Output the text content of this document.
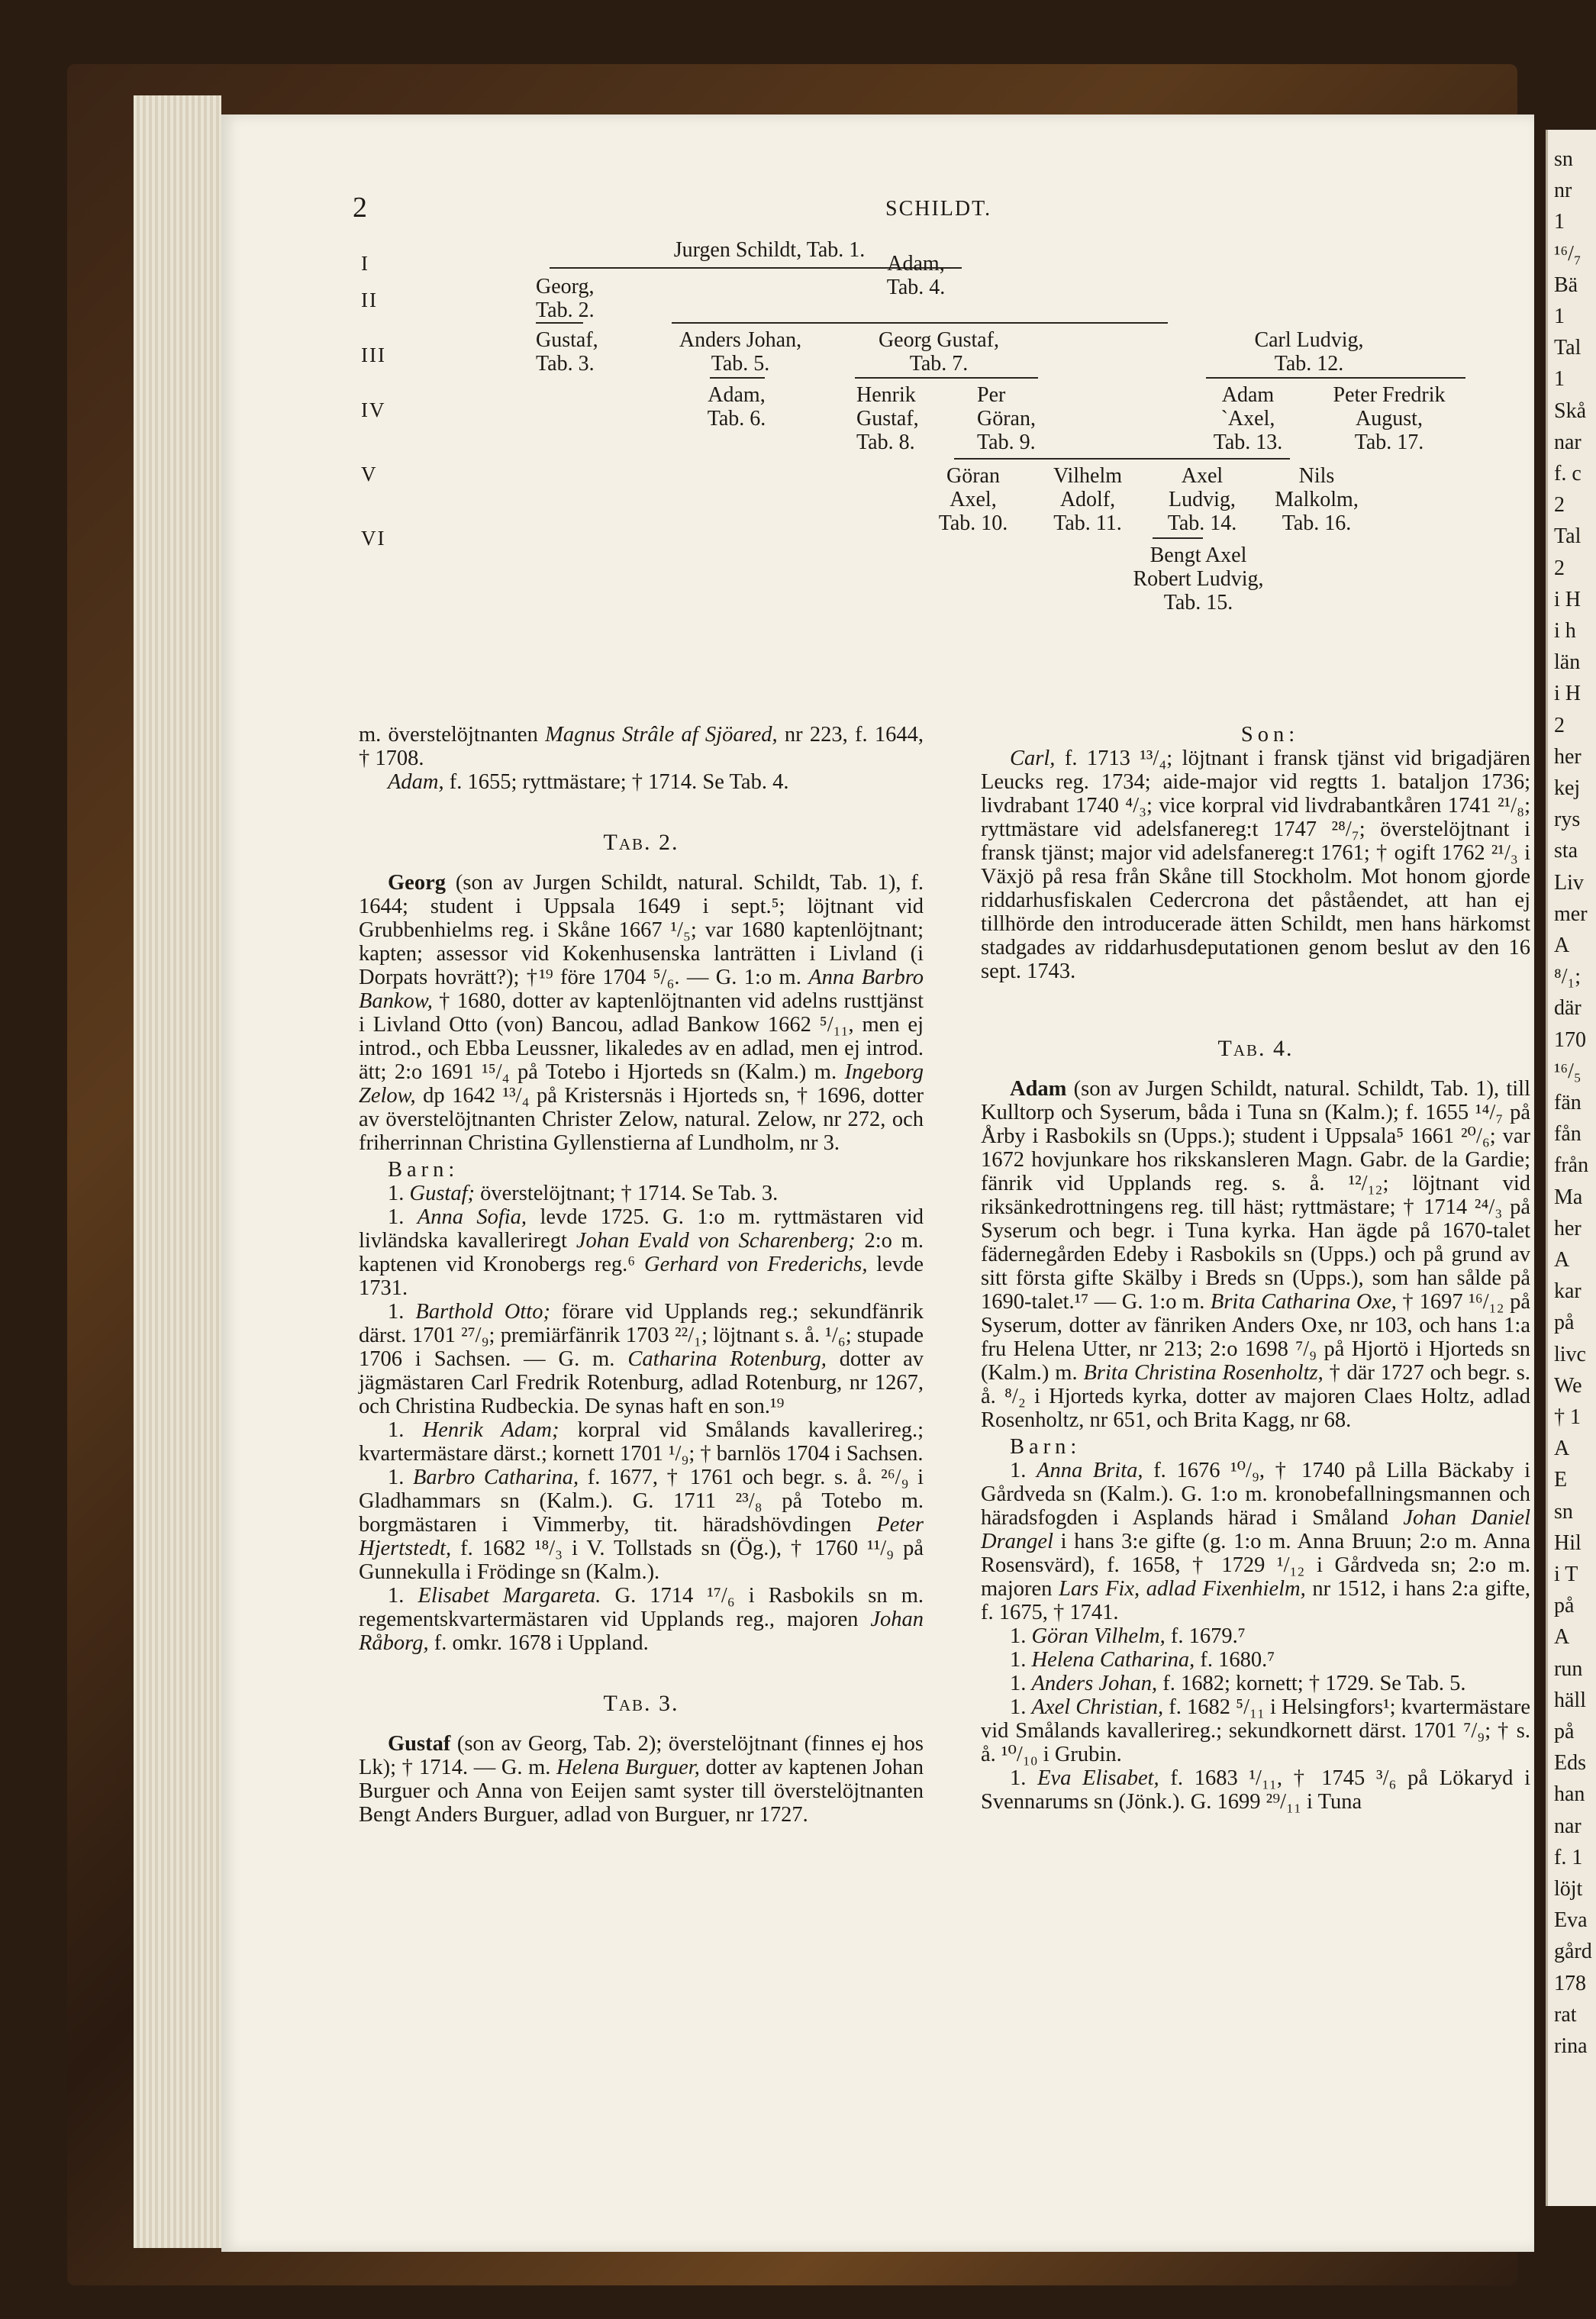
sn
nr
1
¹⁶/₇
Bä
1
Tal
1
Skå
nar
f. c
2
Tal
2
i H
i h
län
i H
2
her
kej
rys
sta
Liv
mer
A
⁸/₁;
där
170
¹⁶/₅
fän
fån
från
Ma
her
A
kar
på
livc
We
† 1
A
E
sn
Hil
i T
på
A
run
häll
på
Eds
han
nar
f. 1
löjt
Eva
gård
178
rat
rina
2	SCHILDT.
I
II
III
IV
V
VI
Jurgen Schildt, Tab. 1.
Georg,
Tab. 2.
Adam,
Tab. 4.
Gustaf,
Tab. 3.
Anders Johan,
Tab. 5.
Georg Gustaf,
Tab. 7.
Carl Ludvig,
Tab. 12.
Adam,
Tab. 6.
Henrik
Gustaf,
Tab. 8.
Per
Göran,
Tab. 9.
Adam
`Axel,
Tab. 13.
Peter Fredrik
August,
Tab. 17.
Göran
Axel,
Tab. 10.
Vilhelm
Adolf,
Tab. 11.
Axel
Ludvig,
Tab. 14.
Nils
Malkolm,
Tab. 16.
Bengt Axel
Robert Ludvig,
Tab. 15.

m. överstelöjtnanten Magnus Strâle af Sjöared, nr 223, f. 1644, † 1708.

Adam, f. 1655; ryttmästare; † 1714. Se Tab. 4.

Tab. 2.

Georg (son av Jurgen Schildt, natural. Schildt, Tab. 1), f. 1644; student i Uppsala 1649 i sept.⁵; löjtnant vid Grubbenhielms reg. i Skåne 1667 ¹/₅; var 1680 kaptenlöjtnant; kapten; assessor vid Kokenhusenska lanträtten i Livland (i Dorpats hovrätt?); †¹⁹ före 1704 ⁵/₆. — G. 1:o m. Anna Barbro Bankow, † 1680, dotter av kaptenlöjtnanten vid adelns rusttjänst i Livland Otto (von) Bancou, adlad Bankow 1662 ⁵/₁₁, men ej introd., och Ebba Leussner, likaledes av en adlad, men ej introd. ätt; 2:o 1691 ¹⁵/₄ på Totebo i Hjorteds sn (Kalm.) m. Ingeborg Zelow, dp 1642 ¹³/₄ på Kristersnäs i Hjorteds sn, † 1696, dotter av överstelöjtnanten Christer Zelow, natural. Zelow, nr 272, och friherrinnan Christina Gyllenstierna af Lundholm, nr 3.

Barn:

1. Gustaf; överstelöjtnant; † 1714. Se Tab. 3.

1. Anna Sofia, levde 1725. G. 1:o m. ryttmästaren vid livländska kavalleriregt Johan Evald von Scharenberg; 2:o m. kaptenen vid Kronobergs reg.⁶ Gerhard von Frederichs, levde 1731.

1. Barthold Otto; förare vid Upplands reg.; sekundfänrik därst. 1701 ²⁷/₉; premiärfänrik 1703 ²²/₁; löjtnant s. å. ¹/₆; stupade 1706 i Sachsen. — G. m. Catharina Rotenburg, dotter av jägmästaren Carl Fredrik Rotenburg, adlad Rotenburg, nr 1267, och Christina Rudbeckia. De synas haft en son.¹⁹

1. Henrik Adam; korpral vid Smålands kavallerireg.; kvartermästare därst.; kornett 1701 ¹/₉; † barnlös 1704 i Sachsen.

1. Barbro Catharina, f. 1677, † 1761 och begr. s. å. ²⁶/₉ i Gladhammars sn (Kalm.). G. 1711 ²³/₈ på Totebo m. borgmästaren i Vimmerby, tit. häradshövdingen Peter Hjertstedt, f. 1682 ¹⁸/₃ i V. Tollstads sn (Ög.), † 1760 ¹¹/₉ på Gunnekulla i Frödinge sn (Kalm.).

1. Elisabet Margareta. G. 1714 ¹⁷/₆ i Rasbokils sn m. regementskvartermästaren vid Upplands reg., majoren Johan Råborg, f. omkr. 1678 i Uppland.

Tab. 3.

Gustaf (son av Georg, Tab. 2); överstelöjtnant (finnes ej hos Lk); † 1714. — G. m. Helena Burguer, dotter av kaptenen Johan Burguer och Anna von Eeijen samt syster till överstelöjtnanten Bengt Anders Burguer, adlad von Burguer, nr 1727.

Son:

Carl, f. 1713 ¹³/₄; löjtnant i fransk tjänst vid brigadjären Leucks reg. 1734; aide-major vid regtts 1. bataljon 1736; livdrabant 1740 ⁴/₃; vice korpral vid livdrabantkåren 1741 ²¹/₈; ryttmästare vid adelsfanereg:t 1747 ²⁸/₇; överstelöjtnant i fransk tjänst; major vid adelsfanereg:t 1761; † ogift 1762 ²¹/₃ i Växjö på resa från Skåne till Stockholm. Mot honom gjorde riddarhusfiskalen Cedercrona det påståendet, att han ej tillhörde den introducerade ätten Schildt, men hans härkomst stadgades av riddarhusdeputationen genom beslut av den 16 sept. 1743.

Tab. 4.

Adam (son av Jurgen Schildt, natural. Schildt, Tab. 1), till Kulltorp och Syserum, båda i Tuna sn (Kalm.); f. 1655 ¹⁴/₇ på Årby i Rasbokils sn (Upps.); student i Uppsala⁵ 1661 ²⁰/₆; var 1672 hovjunkare hos rikskansleren Magn. Gabr. de la Gardie; fänrik vid Upplands reg. s. å. ¹²/₁₂; löjtnant vid riksänkedrottningens reg. till häst; ryttmästare; † 1714 ²⁴/₃ på Syserum och begr. i Tuna kyrka. Han ägde på 1670-talet fädernegården Edeby i Rasbokils sn (Upps.) och på grund av sitt första gifte Skälby i Breds sn (Upps.), som han sålde på 1690-talet.¹⁷ — G. 1:o m. Brita Catharina Oxe, † 1697 ¹⁶/₁₂ på Syserum, dotter av fänriken Anders Oxe, nr 103, och hans 1:a fru Helena Utter, nr 213; 2:o 1698 ⁷/₉ på Hjortö i Hjorteds sn (Kalm.) m. Brita Christina Rosenholtz, † där 1727 och begr. s. å. ⁸/₂ i Hjorteds kyrka, dotter av majoren Claes Holtz, adlad Rosenholtz, nr 651, och Brita Kagg, nr 68.

Barn:

1. Anna Brita, f. 1676 ¹⁰/₉, † 1740 på Lilla Bäckaby i Gårdveda sn (Kalm.). G. 1:o m. kronobefallningsmannen och häradsfogden i Asplands härad i Småland Johan Daniel Drangel i hans 3:e gifte (g. 1:o m. Anna Bruun; 2:o m. Anna Rosensvärd), f. 1658, † 1729 ¹/₁₂ i Gårdveda sn; 2:o m. majoren Lars Fix, adlad Fixenhielm, nr 1512, i hans 2:a gifte, f. 1675, † 1741.

1. Göran Vilhelm, f. 1679.⁷

1. Helena Catharina, f. 1680.⁷

1. Anders Johan, f. 1682; kornett; † 1729. Se Tab. 5.

1. Axel Christian, f. 1682 ⁵/₁₁ i Helsingfors¹; kvartermästare vid Smålands kavallerireg.; sekundkornett därst. 1701 ⁷/₉; † s. å. ¹⁰/₁₀ i Grubin.

1. Eva Elisabet, f. 1683 ¹/₁₁, † 1745 ³/₆ på Lökaryd i Svennarums sn (Jönk.). G. 1699 ²⁹/₁₁ i Tuna
